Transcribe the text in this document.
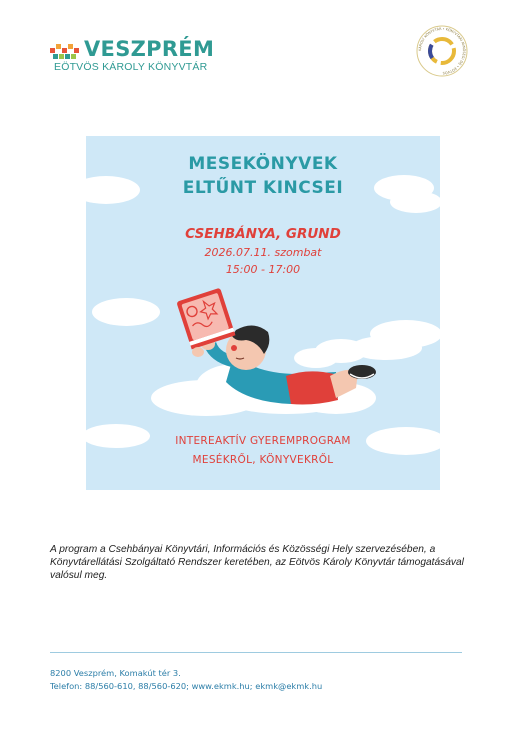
VESZPRÉM
EÖTVÖS KÁROLY KÖNYVTÁR
KÁROLY KÖNYVTÁR • KÖNYVTÁRI MINŐSÉGI DÍJ • EÖTVÖS
MESEKÖNYVEK
ELTŰNT KINCSEI
CSEHBÁNYA, GRUND
2026.07.11. szombat
15:00 - 17:00
INTEREAKTÍV GYEREMPROGRAM
MESÉKRŐL, KÖNYVEKRŐL
A program a Csehbányai Könyvtári, Információs és Közösségi Hely szervezésében, a Könyvtárellátási Szolgáltató Rendszer keretében, az Eötvös Károly Könyvtár támogatásával valósul meg.
8200 Veszprém, Komakút tér 3.
Telefon: 88/560-610, 88/560-620; www.ekmk.hu; ekmk@ekmk.hu
